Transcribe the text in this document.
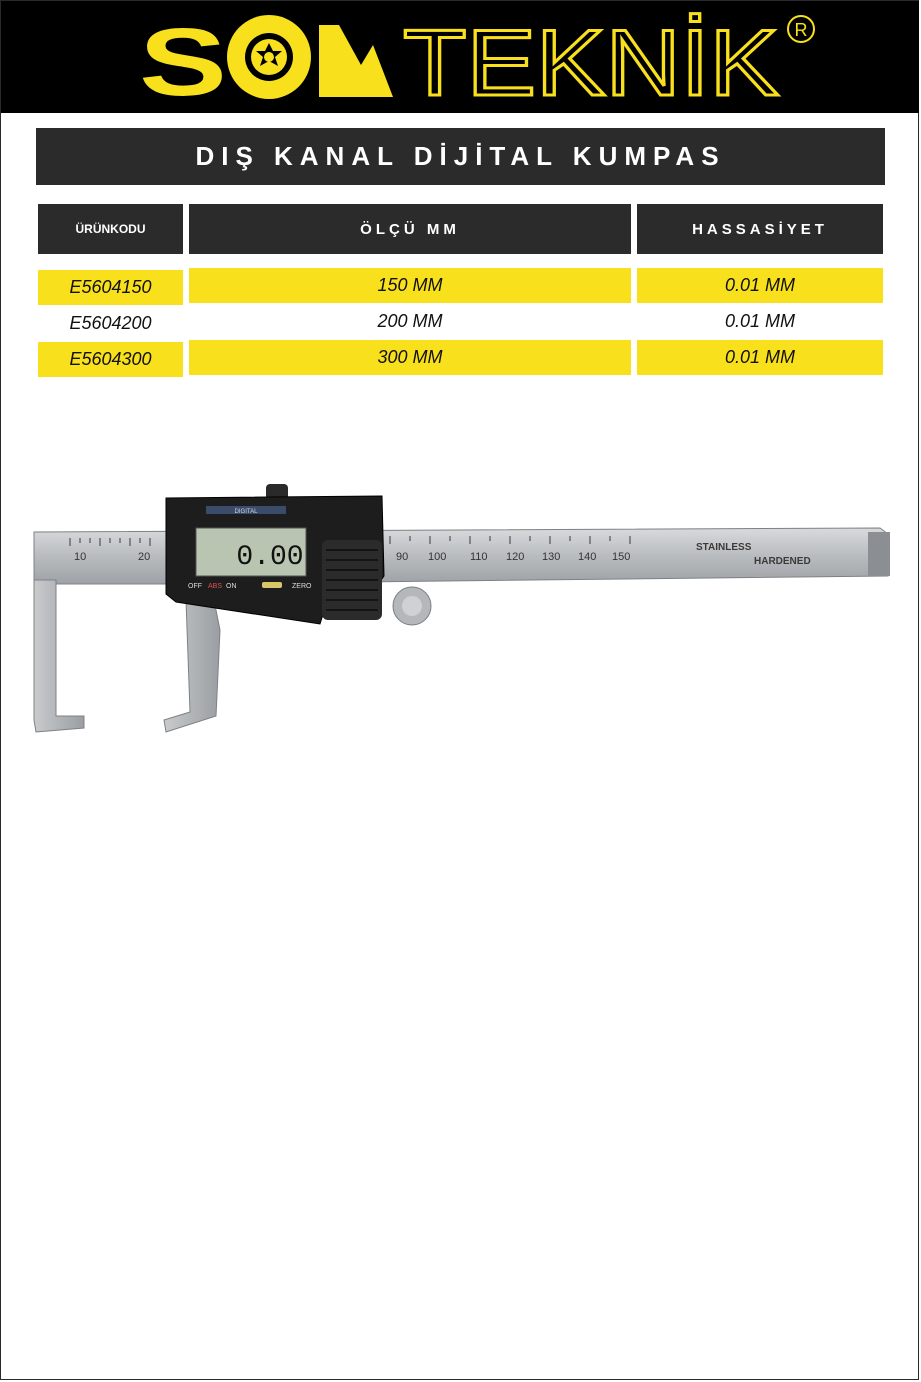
S TEKNİK R
DIŞ KANAL DİJİTAL KUMPAS
ÜRÜNKODU	ÖLÇÜ MM	HASSASİYET
E5604150	150 MM	0.01 MM
E5604200	200 MM	0.01 MM
E5604300	300 MM	0.01 MM
10	20	90 100 110 120 130 140 150
STAINLESS
HARDENED
DIGITAL
0.00
OFF ABS ON	ZERO
